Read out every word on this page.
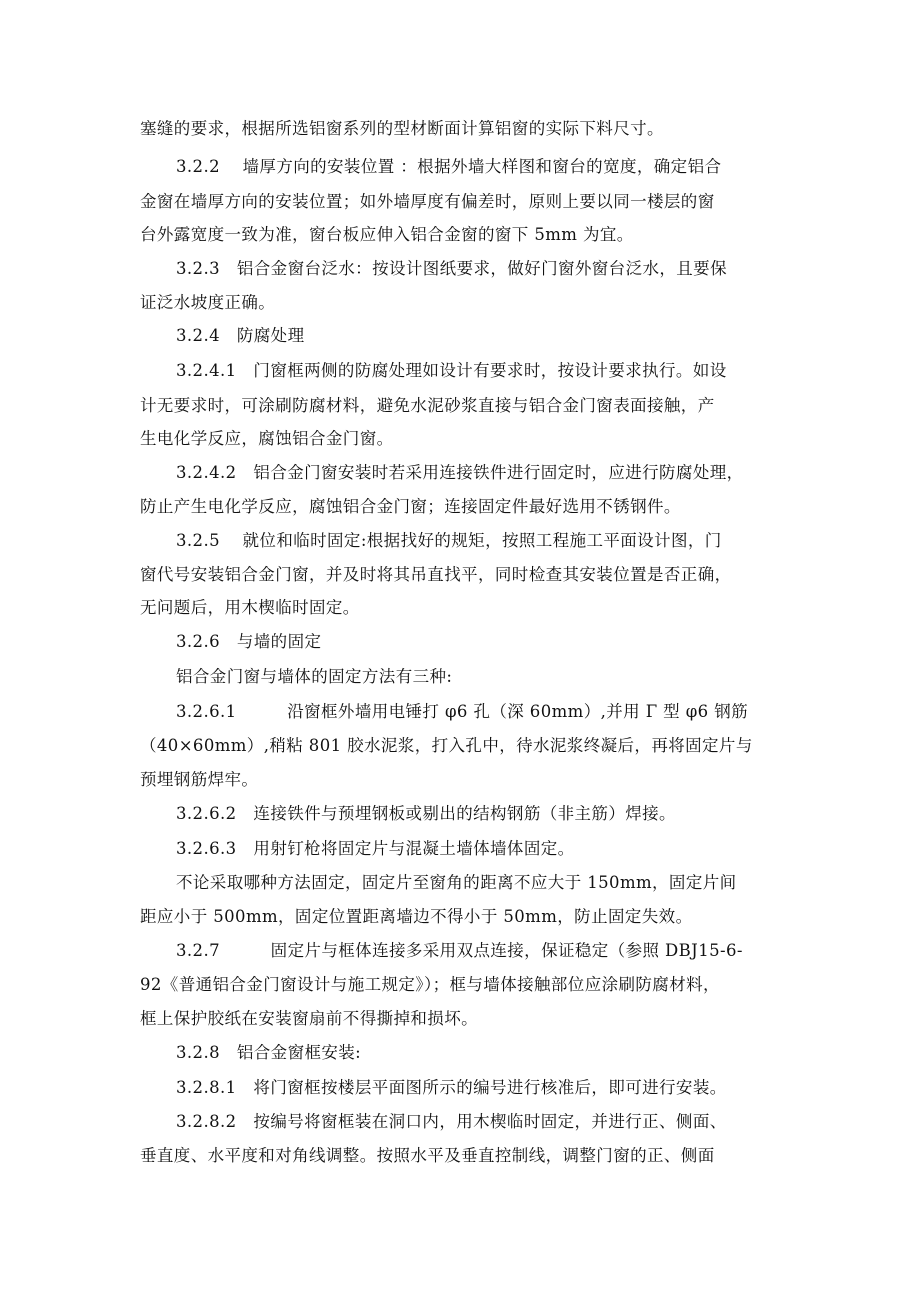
塞缝的要求，根据所选铝窗系列的型材断面计算铝窗的实际下料尺寸。
3.2.2　 墙厚方向的安装位置 ：根据外墙大样图和窗台的宽度，确定铝合
金窗在墙厚方向的安装位置；如外墙厚度有偏差时，原则上要以同一楼层的窗
台外露宽度一致为准，窗台板应伸入铝合金窗的窗下 5mm 为宜。
3.2.3　铝合金窗台泛水：按设计图纸要求，做好门窗外窗台泛水，且要保
证泛水坡度正确。
3.2.4　防腐处理
3.2.4.1　门窗框两侧的防腐处理如设计有要求时，按设计要求执行。如设
计无要求时，可涂刷防腐材料，避免水泥砂浆直接与铝合金门窗表面接触，产
生电化学反应，腐蚀铝合金门窗。
3.2.4.2　铝合金门窗安装时若采用连接铁件进行固定时，应进行防腐处理，
防止产生电化学反应，腐蚀铝合金门窗；连接固定件最好选用不锈钢件。
3.2.5　 就位和临时固定:根据找好的规矩，按照工程施工平面设计图，门
窗代号安装铝合金门窗，并及时将其吊直找平，同时检查其安装位置是否正确，
无问题后，用木楔临时固定。
3.2.6　与墙的固定
铝合金门窗与墙体的固定方法有三种:
3.2.6.1　　　沿窗框外墙用电锤打 φ6 孔（深 60mm）,并用 Γ 型 φ6 钢筋
（40×60mm）,稍粘 801 胶水泥浆，打入孔中，待水泥浆终凝后，再将固定片与
预埋钢筋焊牢。
3.2.6.2　连接铁件与预埋钢板或剔出的结构钢筋（非主筋）焊接。
3.2.6.3　用射钉枪将固定片与混凝土墙体墙体固定。
不论采取哪种方法固定，固定片至窗角的距离不应大于 150mm，固定片间
距应小于 500mm，固定位置距离墙边不得小于 50mm，防止固定失效。
3.2.7　　　固定片与框体连接多采用双点连接，保证稳定（参照 DBJ15-6-
92《普通铝合金门窗设计与施工规定》）；框与墙体接触部位应涂刷防腐材料，
框上保护胶纸在安装窗扇前不得撕掉和损坏。
3.2.8　铝合金窗框安装:
3.2.8.1　将门窗框按楼层平面图所示的编号进行核准后，即可进行安装。
3.2.8.2　按编号将窗框装在洞口内，用木楔临时固定，并进行正、侧面、
垂直度、水平度和对角线调整。按照水平及垂直控制线，调整门窗的正、侧面
